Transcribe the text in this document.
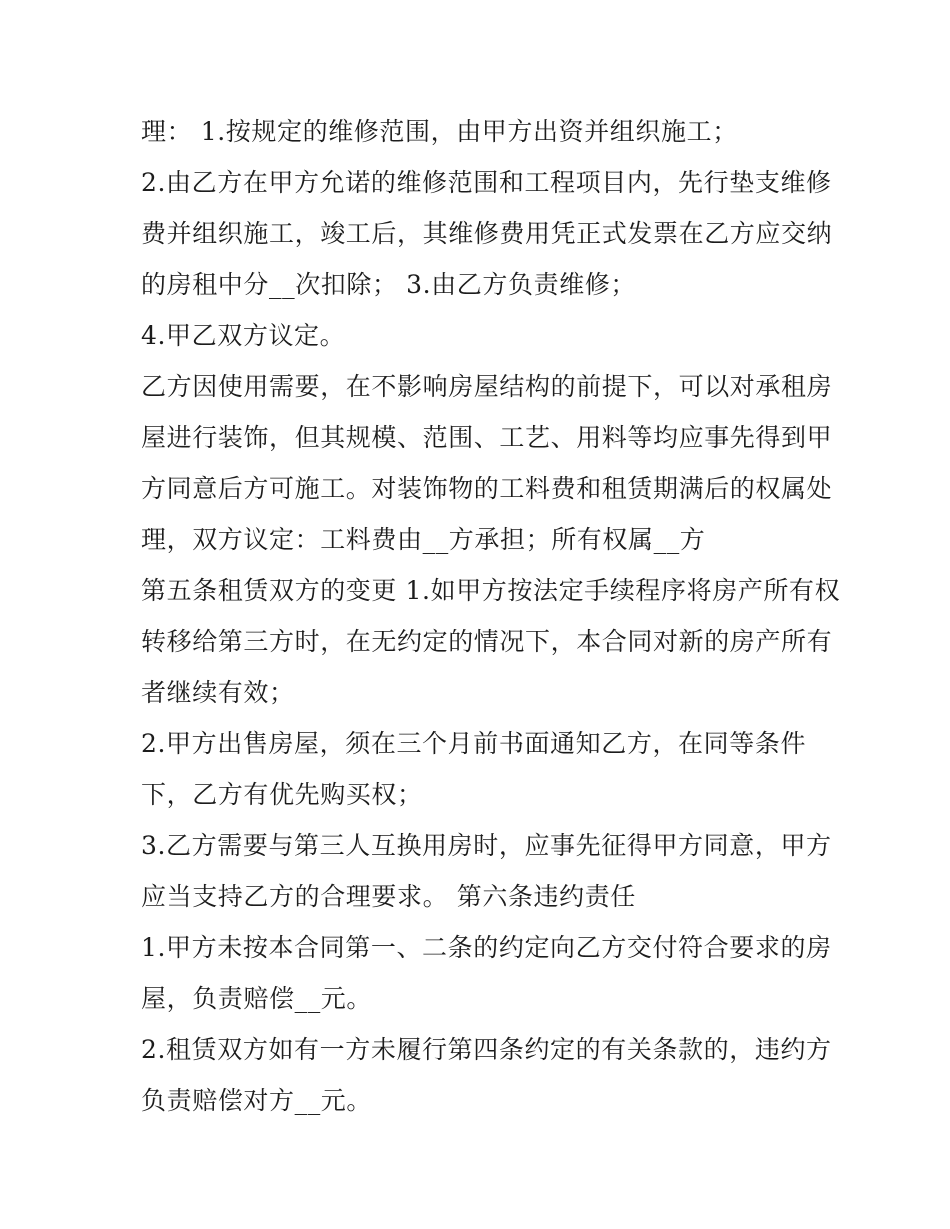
理： 1.按规定的维修范围，由甲方出资并组织施工；
2.由乙方在甲方允诺的维修范围和工程项目内，先行垫支维修
费并组织施工，竣工后，其维修费用凭正式发票在乙方应交纳
的房租中分__次扣除； 3.由乙方负责维修；
4.甲乙双方议定。
乙方因使用需要，在不影响房屋结构的前提下，可以对承租房
屋进行装饰，但其规模、范围、工艺、用料等均应事先得到甲
方同意后方可施工。对装饰物的工料费和租赁期满后的权属处
理，双方议定：工料费由__方承担；所有权属__方
第五条租赁双方的变更 1.如甲方按法定手续程序将房产所有权
转移给第三方时，在无约定的情况下，本合同对新的房产所有
者继续有效；
2.甲方出售房屋，须在三个月前书面通知乙方，在同等条件
下，乙方有优先购买权；
3.乙方需要与第三人互换用房时，应事先征得甲方同意，甲方
应当支持乙方的合理要求。 第六条违约责任
1.甲方未按本合同第一、二条的约定向乙方交付符合要求的房
屋，负责赔偿__元。
2.租赁双方如有一方未履行第四条约定的有关条款的，违约方
负责赔偿对方__元。
